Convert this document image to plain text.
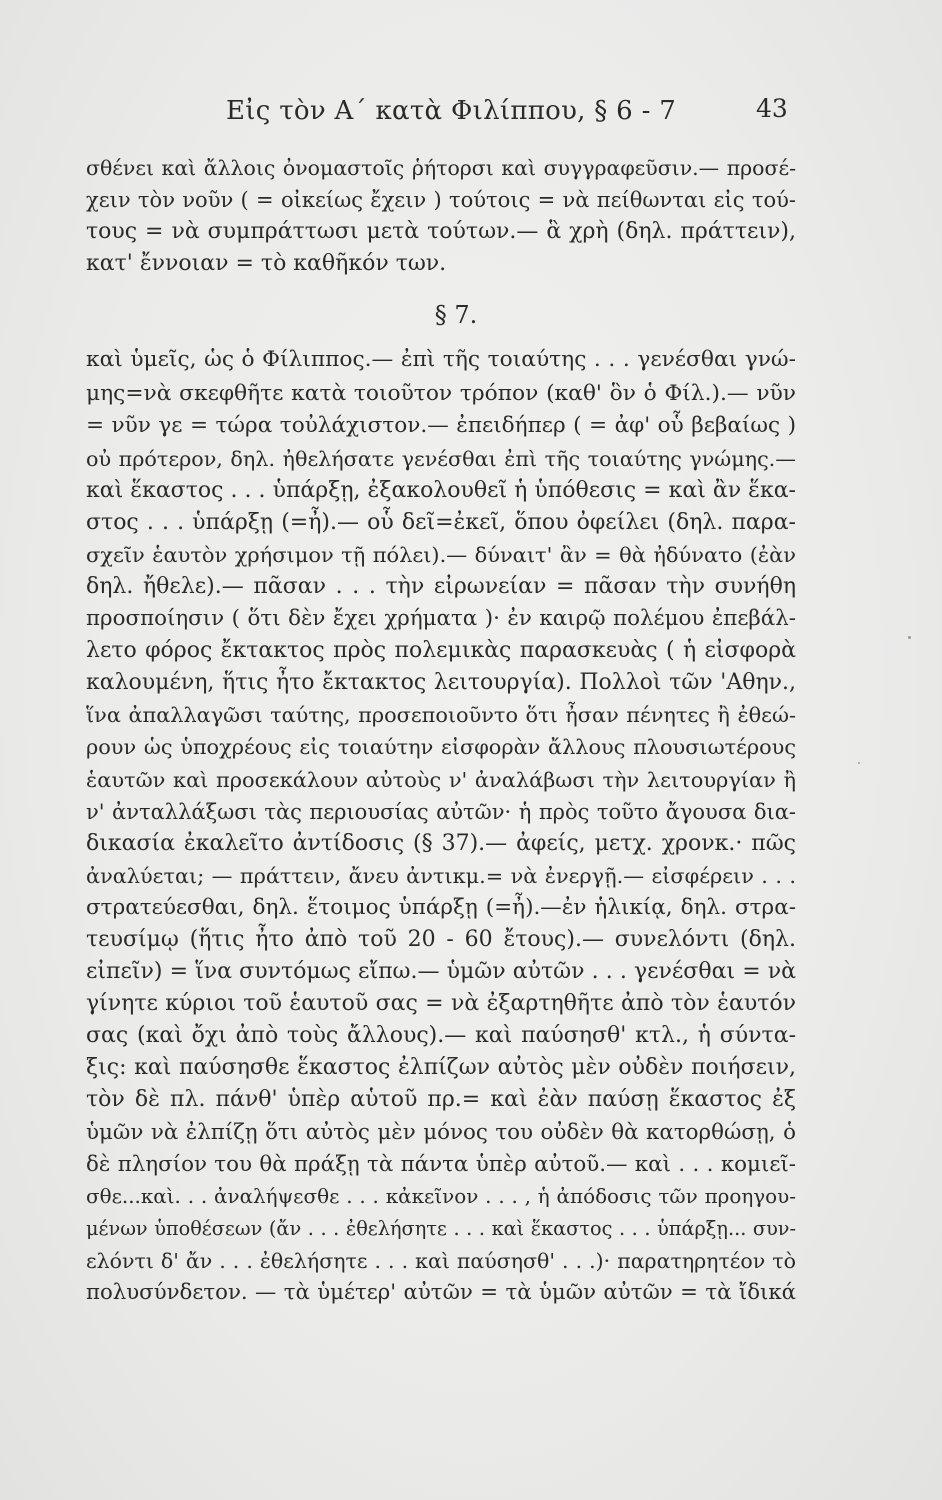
Εἰς τὸν Α΄ κατὰ Φιλίππου, § 6 - 7	43
σθένει καὶ ἄλλοις ὀνομαστοῖς ῥήτορσι καὶ συγγραφεῦσιν.— προσέ-
χειν τὸν νοῦν ( = οἰκείως ἔχειν ) τούτοις = νὰ πείθωνται εἰς τού-
τους = νὰ συμπράττωσι μετὰ τούτων.— ἃ χρὴ (δηλ. πράττειν),
κατ' ἔννοιαν = τὸ καθῆκόν των.
§ 7.
καὶ ὑμεῖς, ὡς ὁ Φίλιππος.— ἐπὶ τῆς τοιαύτης . . . γενέσθαι γνώ-
μης=νὰ σκεφθῆτε κατὰ τοιοῦτον τρόπον (καθ' ὃν ὁ Φίλ.).— νῦν
= νῦν γε = τώρα τοὐλάχιστον.— ἐπειδήπερ ( = ἀφ' οὗ βεβαίως )
οὐ πρότερον, δηλ. ἠθελήσατε γενέσθαι ἐπὶ τῆς τοιαύτης γνώμης.—
καὶ ἕκαστος . . . ὑπάρξῃ, ἐξακολουθεῖ ἡ ὑπόθεσις = καὶ ἂν ἕκα-
στος . . . ὑπάρξῃ (=ἦ).— οὗ δεῖ=ἐκεῖ, ὅπου ὀφείλει (δηλ. παρα-
σχεῖν ἑαυτὸν χρήσιμον τῇ πόλει).— δύναιτ' ἂν = θὰ ἠδύνατο (ἐὰν
δηλ. ἤθελε).— πᾶσαν . . . τὴν εἰρωνείαν = πᾶσαν τὴν συνήθη
προσποίησιν ( ὅτι δὲν ἔχει χρήματα )· ἐν καιρῷ πολέμου ἐπεβάλ-
λετο φόρος ἔκτακτος πρὸς πολεμικὰς παρασκευὰς ( ἡ εἰσφορὰ
καλουμένη, ἥτις ἦτο ἔκτακτος λειτουργία). Πολλοὶ τῶν 'Αθην.,
ἵνα ἀπαλλαγῶσι ταύτης, προσεποιοῦντο ὅτι ἦσαν πένητες ἢ ἐθεώ-
ρουν ὡς ὑποχρέους εἰς τοιαύτην εἰσφορὰν ἄλλους πλουσιωτέρους
ἑαυτῶν καὶ προσεκάλουν αὐτοὺς ν' ἀναλάβωσι τὴν λειτουργίαν ἢ
ν' ἀνταλλάξωσι τὰς περιουσίας αὐτῶν· ἡ πρὸς τοῦτο ἄγουσα δια-
δικασία ἐκαλεῖτο ἀντίδοσις (§ 37).— ἀφείς, μετχ. χρονκ.· πῶς
ἀναλύεται; — πράττειν, ἄνευ ἀντικμ.= νὰ ἐνεργῇ.— εἰσφέρειν . . .
στρατεύεσθαι, δηλ. ἕτοιμος ὑπάρξῃ (=ἦ).—ἐν ἡλικίᾳ, δηλ. στρα-
τευσίμῳ (ἥτις ἦτο ἀπὸ τοῦ 20 - 60 ἔτους).— συνελόντι (δηλ.
εἰπεῖν) = ἵνα συντόμως εἴπω.— ὑμῶν αὐτῶν . . . γενέσθαι = νὰ
γίνητε κύριοι τοῦ ἑαυτοῦ σας = νὰ ἐξαρτηθῆτε ἀπὸ τὸν ἑαυτόν
σας (καὶ ὄχι ἀπὸ τοὺς ἄλλους).— καὶ παύσησθ' κτλ., ἡ σύντα-
ξις: καὶ παύσησθε ἕκαστος ἐλπίζων αὐτὸς μὲν οὐδὲν ποιήσειν,
τὸν δὲ πλ. πάνθ' ὑπὲρ αὑτοῦ πρ.= καὶ ἐὰν παύσῃ ἕκαστος ἐξ
ὑμῶν νὰ ἐλπίζῃ ὅτι αὐτὸς μὲν μόνος του οὐδὲν θὰ κατορθώσῃ, ὁ
δὲ πλησίον του θὰ πράξῃ τὰ πάντα ὑπὲρ αὐτοῦ.— καὶ . . . κομιεῖ-
σθε...καὶ. . . ἀναλήψεσθε . . . κἀκεῖνον . . . , ἡ ἀπόδοσις τῶν προηγου-
μένων ὑποθέσεων (ἄν . . . ἐθελήσητε . . . καὶ ἕκαστος . . . ὑπάρξῃ... συν-
ελόντι δ' ἄν . . . ἐθελήσητε . . . καὶ παύσησθ' . . .)· παρατηρητέον τὸ
πολυσύνδετον. — τὰ ὑμέτερ' αὐτῶν = τὰ ὑμῶν αὐτῶν = τὰ ἴδικά
